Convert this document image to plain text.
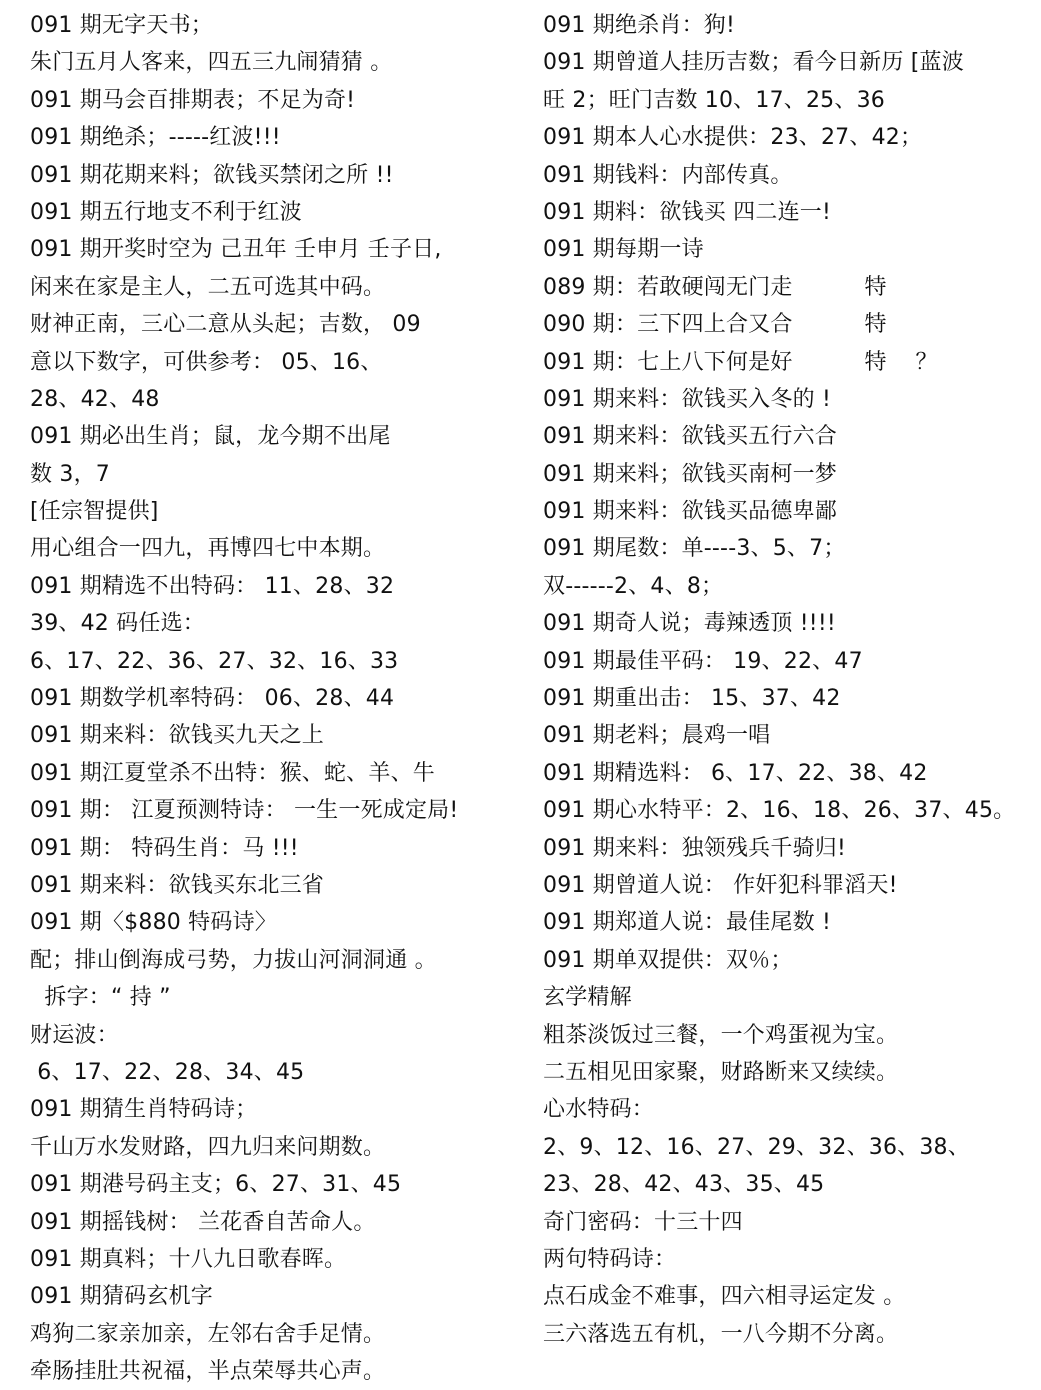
091 期无字天书；
朱门五月人客来，四五三九闹猜猜 。
091 期马会百排期表；不足为奇!
091 期绝杀；-----红波!!!
091 期花期来料；欲钱买禁闭之所 !!
091 期五行地支不利于红波
091 期开奖时空为 己丑年 壬申月 壬子日,
闲来在家是主人，二五可选其中码。
财神正南，三心二意从头起；吉数， 09
意以下数字，可供参考： 05、16、
28、42、48
091 期必出生肖；鼠，龙今期不出尾
数 3，7
[任宗智提供]
用心组合一四九，再博四七中本期。
091 期精选不出特码： 11、28、32
39、42 码任选：
6、17、22、36、27、32、16、33
091 期数学机率特码： 06、28、44
091 期来料：欲钱买九天之上
091 期江夏堂杀不出特：猴、蛇、羊、牛
091 期： 江夏预测特诗： 一生一死成定局!
091 期： 特码生肖：马 !!!
091 期来料：欲钱买东北三省
091 期〈$880 特码诗〉
配；排山倒海成弓势，力拔山河洞洞通 。
拆字：“ 持 ”
财运波：
6、17、22、28、34、45
091 期猜生肖特码诗；
千山万水发财路，四九归来问期数。
091 期港号码主支；6、27、31、45
091 期摇钱树： 兰花香自苦命人。
091 期真料；十八九日歌春晖。
091 期猜码玄机字
鸡狗二家亲加亲，左邻右舍手足情。
牵肠挂肚共祝福，半点荣辱共心声。
091 期绝杀肖：狗!
091 期曾道人挂历吉数；看今日新历 [蓝波
旺 2；旺门吉数 10、17、25、36
091 期本人心水提供：23、27、42；
091 期钱料：内部传真。
091 期料：欲钱买 四二连一!
091 期每期一诗
089 期：若敢硬闯无门走          特
090 期：三下四上合又合          特
091 期：七上八下何是好          特    ？
091 期来料：欲钱买入冬的 !
091 期来料：欲钱买五行六合
091 期来料；欲钱买南柯一梦
091 期来料：欲钱买品德卑鄙
091 期尾数：单----3、5、7；
双------2、4、8；
091 期奇人说；毒辣透顶 !!!!
091 期最佳平码： 19、22、47
091 期重出击： 15、37、42
091 期老料；晨鸡一唱
091 期精选料： 6、17、22、38、42
091 期心水特平：2、16、18、26、37、45。
091 期来料：独领残兵千骑归!
091 期曾道人说： 作奸犯科罪滔天!
091 期郑道人说：最佳尾数 !
091 期单双提供：双％；
玄学精解
粗茶淡饭过三餐，一个鸡蛋视为宝。
二五相见田家聚，财路断来又续续。
心水特码：
2、9、12、16、27、29、32、36、38、
23、28、42、43、35、45
奇门密码：十三十四
两句特码诗：
点石成金不难事，四六相寻运定发 。
三六落选五有机，一八今期不分离。
